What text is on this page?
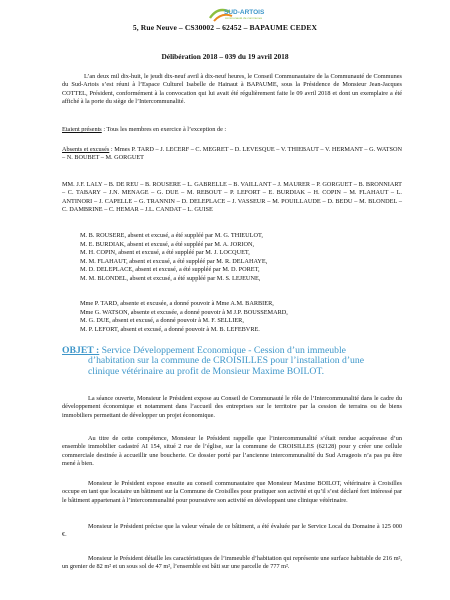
SUD-ARTOIS
communauté de communes
5, Rue Neuve – CS30002 – 62452 – BAPAUME CEDEX
Délibération 2018 – 039 du 19 avril 2018
L’an deux mil dix-huit, le jeudi dix-neuf avril à dix-neuf heures, le Conseil Communautaire de la Communauté de Communes du Sud-Artois s’est réuni à l’Espace Culturel Isabelle de Hainaut à BAPAUME, sous la Présidence de Monsieur Jean-Jacques COTTEL, Président, conformément à la convocation qui lui avait été régulièrement faite le 09 avril 2018 et dont un exemplaire a été affiché à la porte du siège de l’Intercommunalité.
Etaient présents : Tous les membres en exercice à l’exception de :
Absents et excusés : Mmes P. TARD – J. LECERF – C. MEGRET – D. LEVESQUE – V. THIEBAUT – V. HERMANT – G. WATSON – N. BOUBET – M. GORGUET
MM. J.F. LALY – B. DE REU – B. ROUSERE – L. GABRELLE – B. VAILLANT – J. MAURER – P. GORGUET – B. BRONNIART – C. TABARY – J.N. MENAGE – G. DUE – M. REBOUT – P. LEFORT – E. BURDIAK – H. COPIN – M. FLAHAUT – L. ANTINORI – J. CAPELLE – G. TRANNIN – D. DELEPLACE – J. VASSEUR – M. POUILLAUDE – D. BEDU – M. BLONDEL – C. DAMBRINE – C. HEMAR – J.L. CANDAT – L. GUISE
M. B. ROUSERE, absent et excusé, a été suppléé par M. G. THIEULOT,
M. E. BURDIAK, absent et excusé, a été suppléé par M. A. JORION,
M. H. COPIN, absent et excusé, a été suppléé par M. J. LOCQUET,
M. M. FLAHAUT, absent et excusé, a été suppléé par M. R. DELAHAYE,
M. D. DELEPLACE, absent et excusé, a été suppléé par M. D. PORET,
M. M. BLONDEL, absent et excusé, a été suppléé par M. S. LEJEUNE,
Mme P. TARD, absente et excusée, a donné pouvoir à Mme A.M. BARBIER,
Mme G. WATSON, absente et excusée, a donné pouvoir à M J.P. BOUSSEMARD,
M. G. DUE, absent et excusé, a donné pouvoir à M. F. SELLIER,
M. P. LEFORT, absent et excusé, a donné pouvoir à M. B. LEFEBVRE.
OBJET : Service Développement Economique - Cession d’un immeuble
d’habitation sur la commune de CROISILLES pour l’installation d’une
clinique vétérinaire au profit de Monsieur Maxime BOILOT.
La séance ouverte, Monsieur le Président expose au Conseil de Communauté le rôle de l’Intercommunalité dans le cadre du développement économique et notamment dans l’accueil des entreprises sur le territoire par la cession de terrains ou de biens immobiliers permettant de développer un projet économique.
Au titre de cette compétence, Monsieur le Président rappelle que l’intercommunalité s’était rendue acquéreuse d’un ensemble immobilier cadastré AI 154, situé 2 rue de l’église, sur la commune de CROISILLES (62128) pour y créer une cellule commerciale destinée à accueillir une boucherie. Ce dossier porté par l’ancienne intercommunalité du Sud Arrageois n’a pas pu être mené à bien.
Monsieur le Président expose ensuite au conseil communautaire que Monsieur Maxime BOILOT, vétérinaire à Croisilles occupe en tant que locataire un bâtiment sur la Commune de Croisilles pour pratiquer son activité et qu’il s’est déclaré fort intéressé par le bâtiment appartenant à l’intercommunalité pour poursuivre son activité en développant une clinique vétérinaire.
Monsieur le Président précise que la valeur vénale de ce bâtiment, a été évaluée par le Service Local du Domaine à 125 000 €.
Monsieur le Président détaille les caractéristiques de l’immeuble d’habitation qui représente une surface habitable de 216 m², un grenier de 82 m² et un sous sol de 47 m², l’ensemble est bâti sur une parcelle de 777 m².
